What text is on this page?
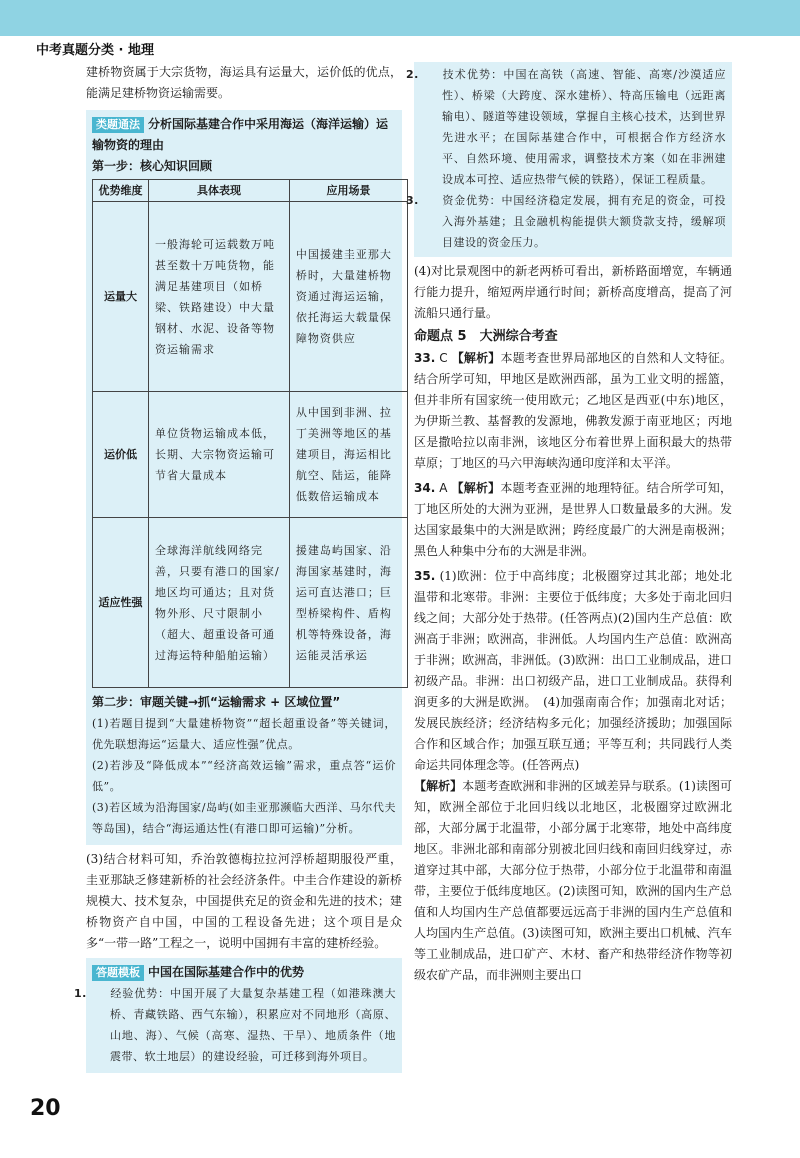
中考真题分类 · 地理

建桥物资属于大宗货物，海运具有运量大，运价低的优点，能满足建桥物资运输需要。

类题通法 分析国际基建合作中采用海运（海洋运输）运输物资的理由
第一步：核心知识回顾
优势维度	具体表现	应用场景
运量大	一般海轮可运载数万吨甚至数十万吨货物，能满足基建项目（如桥梁、铁路建设）中大量钢材、水泥、设备等物资运输需求	中国援建圭亚那大桥时，大量建桥物资通过海运运输，依托海运大载量保障物资供应
运价低	单位货物运输成本低，长期、大宗物资运输可节省大量成本	从中国到非洲、拉丁美洲等地区的基建项目，海运相比航空、陆运，能降低数倍运输成本
适应性强	全球海洋航线网络完善，只要有港口的国家/地区均可通达；且对货物外形、尺寸限制小（超大、超重设备可通过海运特种船舶运输）	援建岛屿国家、沿海国家基建时，海运可直达港口；巨型桥梁构件、盾构机等特殊设备，海运能灵活承运
第二步：审题关键→抓“运输需求 + 区域位置”

(1)若题目提到“大量建桥物资”“超长超重设备”等关键词，优先联想海运“运量大、适应性强”优点。

(2)若涉及“降低成本”“经济高效运输”需求，重点答“运价低”。

(3)若区域为沿海国家/岛屿(如圭亚那濒临大西洋、马尔代夫等岛国)，结合“海运通达性(有港口即可运输)”分析。

(3)结合材料可知，乔治敦德梅拉拉河浮桥超期服役严重，圭亚那缺乏修建新桥的社会经济条件。中圭合作建设的新桥规模大、技术复杂，中国提供充足的资金和先进的技术；建桥物资产自中国，中国的工程设备先进；这个项目是众多“一带一路”工程之一，说明中国拥有丰富的建桥经验。

答题模板 中国在国际基建合作中的优势

1. 经验优势：中国开展了大量复杂基建工程（如港珠澳大桥、青藏铁路、西气东输），积累应对不同地形（高原、山地、海）、气候（高寒、湿热、干旱）、地质条件（地震带、软土地层）的建设经验，可迁移到海外项目。

2. 技术优势：中国在高铁（高速、智能、高寒/沙漠适应性）、桥梁（大跨度、深水建桥）、特高压输电（远距离输电）、隧道等建设领域，掌握自主核心技术，达到世界先进水平；在国际基建合作中，可根据合作方经济水平、自然环境、使用需求，调整技术方案（如在非洲建设成本可控、适应热带气候的铁路），保证工程质量。

3. 资金优势：中国经济稳定发展，拥有充足的资金，可投入海外基建；且金融机构能提供大额贷款支持，缓解项目建设的资金压力。

(4)对比景观图中的新老两桥可看出，新桥路面增宽，车辆通行能力提升，缩短两岸通行时间；新桥高度增高，提高了河流船只通行量。

命题点 5　大洲综合考查

33. C 【解析】本题考查世界局部地区的自然和人文特征。结合所学可知，甲地区是欧洲西部，虽为工业文明的摇篮，但并非所有国家统一使用欧元；乙地区是西亚(中东)地区，为伊斯兰教、基督教的发源地，佛教发源于南亚地区；丙地区是撒哈拉以南非洲，该地区分布着世界上面积最大的热带草原；丁地区的马六甲海峡沟通印度洋和太平洋。

34. A 【解析】本题考查亚洲的地理特征。结合所学可知，丁地区所处的大洲为亚洲，是世界人口数量最多的大洲。发达国家最集中的大洲是欧洲；跨经度最广的大洲是南极洲；黑色人种集中分布的大洲是非洲。

35. (1)欧洲：位于中高纬度；北极圈穿过其北部；地处北温带和北寒带。非洲：主要位于低纬度；大多处于南北回归线之间；大部分处于热带。(任答两点)(2)国内生产总值：欧洲高于非洲；欧洲高，非洲低。人均国内生产总值：欧洲高于非洲；欧洲高，非洲低。(3)欧洲：出口工业制成品，进口初级产品。非洲：出口初级产品，进口工业制成品。获得利润更多的大洲是欧洲。　(4)加强南南合作；加强南北对话；发展民族经济；经济结构多元化；加强经济援助；加强国际合作和区域合作；加强互联互通；平等互利；共同践行人类命运共同体理念等。(任答两点)

【解析】本题考查欧洲和非洲的区域差异与联系。(1)读图可知，欧洲全部位于北回归线以北地区，北极圈穿过欧洲北部，大部分属于北温带，小部分属于北寒带，地处中高纬度地区。非洲北部和南部分别被北回归线和南回归线穿过，赤道穿过其中部，大部分位于热带，小部分位于北温带和南温带，主要位于低纬度地区。(2)读图可知，欧洲的国内生产总值和人均国内生产总值都要远远高于非洲的国内生产总值和人均国内生产总值。(3)读图可知，欧洲主要出口机械、汽车等工业制成品，进口矿产、木材、畜产和热带经济作物等初级农矿产品，而非洲则主要出口

20
